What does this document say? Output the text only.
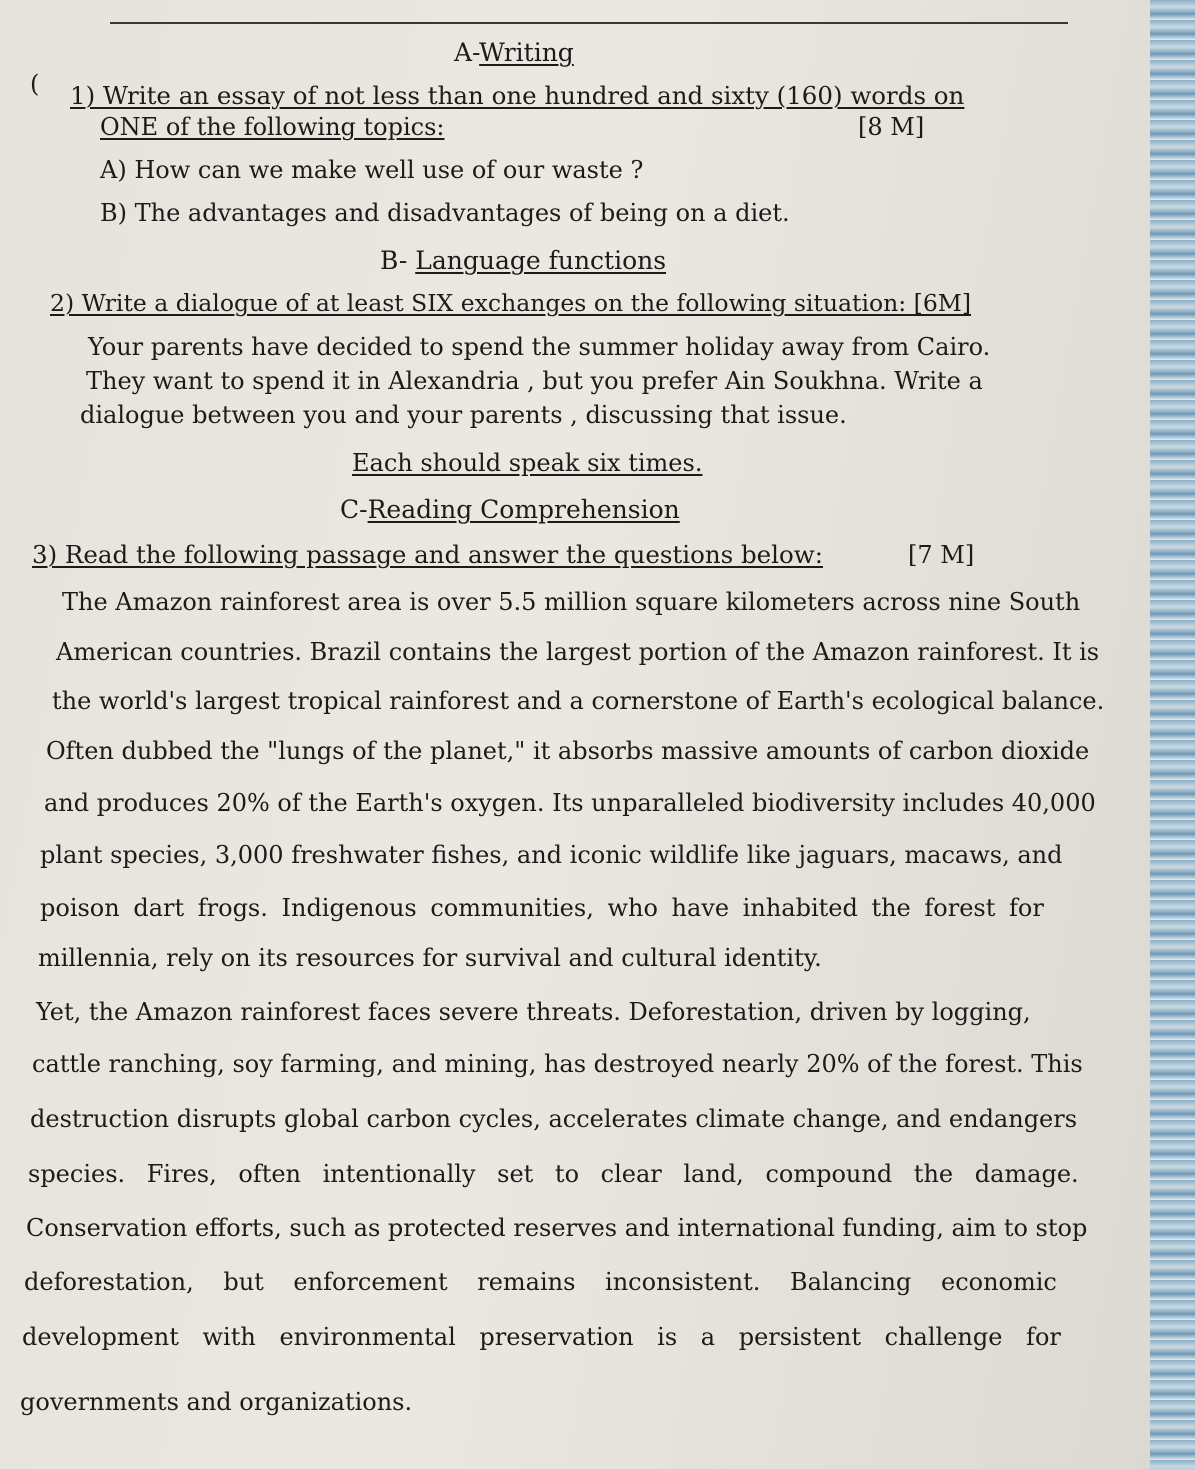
(
A-Writing
1) Write an essay of not less than one hundred and sixty (160) words on
ONE of the following topics:	[8 M]
A) How can we make well use of our waste ?
B) The advantages and disadvantages of being on a diet.
B- Language functions
2) Write a dialogue of at least SIX exchanges on the following situation: [6M]
Your parents have decided to spend the summer holiday away from Cairo.
They want to spend it in Alexandria , but you prefer Ain Soukhna. Write a
dialogue between you and your parents , discussing that issue.
Each should speak six times.
C-Reading Comprehension
3) Read the following passage and answer the questions below:	[7 M]
The Amazon rainforest area is over 5.5 million square kilometers across nine South
American countries. Brazil contains the largest portion of the Amazon rainforest. It is
the world's largest tropical rainforest and a cornerstone of Earth's ecological balance.
Often dubbed the "lungs of the planet," it absorbs massive amounts of carbon dioxide
and produces 20% of the Earth's oxygen. Its unparalleled biodiversity includes 40,000
plant species, 3,000 freshwater fishes, and iconic wildlife like jaguars, macaws, and
poison dart frogs. Indigenous communities, who have inhabited the forest for
millennia, rely on its resources for survival and cultural identity.
Yet, the Amazon rainforest faces severe threats. Deforestation, driven by logging,
cattle ranching, soy farming, and mining, has destroyed nearly 20% of the forest. This
destruction disrupts global carbon cycles, accelerates climate change, and endangers
species. Fires, often intentionally set to clear land, compound the damage.
Conservation efforts, such as protected reserves and international funding, aim to stop
deforestation, but enforcement remains inconsistent. Balancing economic
development with environmental preservation is a persistent challenge for
governments and organizations.
